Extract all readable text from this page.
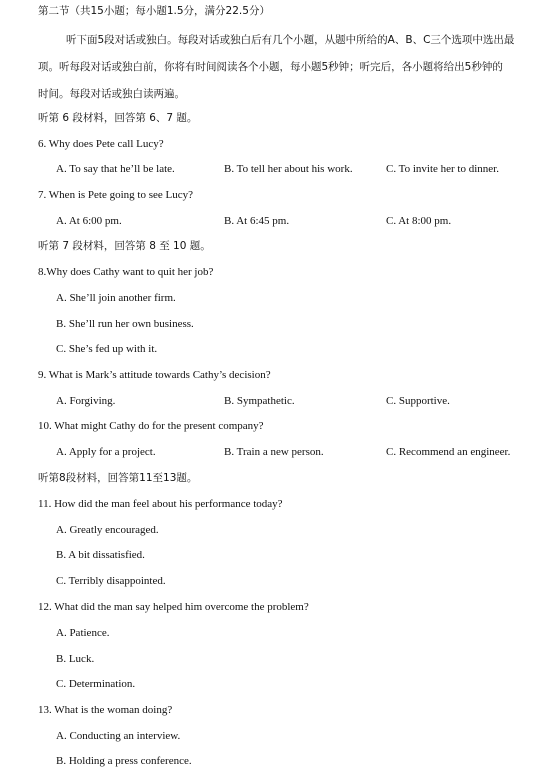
第二节（共15小题；每小题1.5分，满分22.5分）
听下面5段对话或独白。每段对话或独白后有几个小题，从题中所给的A、B、C三个选项中选出最
项。听每段对话或独白前，你将有时间阅读各个小题，每小题5秒钟；听完后，各小题将给出5秒钟的
时间。每段对话或独白读两遍。
听第 6 段材料，回答第 6、7 题。
6. Why does Pete call Lucy?
A. To say that he’ll be late.	B. To tell her about his work.	C. To invite her to dinner.
7. When is Pete going to see Lucy?
A. At 6:00 pm.	B. At 6:45 pm.	C. At 8:00 pm.
听第 7 段材料，回答第 8 至 10 题。
8.Why does Cathy want to quit her job?
A. She’ll join another firm.
B. She’ll run her own business.
C. She’s fed up with it.
9. What is Mark’s attitude towards Cathy’s decision?
A. Forgiving.	B. Sympathetic.	C. Supportive.
10. What might Cathy do for the present company?
A. Apply for a project.	B. Train a new person.	C. Recommend an engineer.
听第8段材料，回答第11至13题。
11. How did the man feel about his performance today?
A. Greatly encouraged.
B. A bit dissatisfied.
C. Terribly disappointed.
12. What did the man say helped him overcome the problem?
A. Patience.
B. Luck.
C. Determination.
13. What is the woman doing?
A. Conducting an interview.
B. Holding a press conference.
